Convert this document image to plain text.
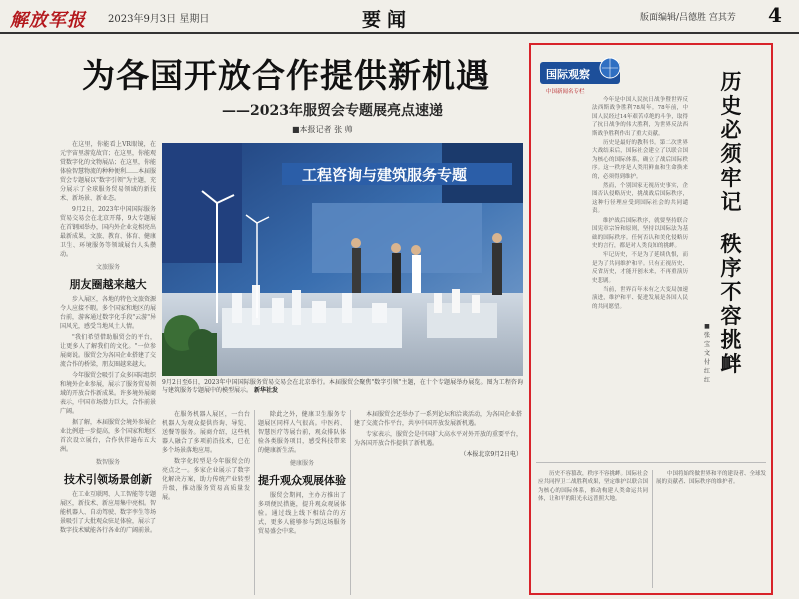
解放军报 2023年9月3日 星期日	要闻	版面编辑/吕德胜 宫其芳 4
为各国开放合作提供新机遇
——2023年服贸会专题展亮点速递
■本报记者 张 帅

在这里，你能看上VR眼镜，在元宇宙里游览故宫；在这里，你能观赏数字化的文物展品；在这里，你能体验智慧物流的种种便利……本届服贸会专题展以"数字引领"为主题，充分展示了全球服务贸易领域的新技术、新场景、新业态。

9月2日，2023年中国国际服务贸易交易会在北京开幕，9大专题展在首钢园举办，国内外企业竞相亮出最新成果，文旅、教育、体育、健康卫生、环境服务等领域展台人头攒动。

文旅服务
朋友圈越来越大

步入展区，各地的特色文旅资源令人应接不暇。多个国家和地区的展台前，游客通过数字化手段"云游"异国风光，感受当地风土人情。

"我们希望借助服贸会的平台，让更多人了解我们的文化。"一位参展商说。服贸会为各国企业搭建了交流合作的桥梁，朋友圈越来越大。

今年服贸会吸引了众多国际组织和境外企业参展，展示了服务贸易领域的开放合作新成果。许多境外展商表示，中国市场潜力巨大，合作前景广阔。

据了解，本届服贸会境外参展企业比例进一步提高，多个国家和地区首次设立展台，合作伙伴遍布五大洲。

数智服务
技术引领场景创新

在工业互联网、人工智能等专题展区，新技术、新应用集中亮相。智能机器人、自动驾驶、数字孪生等场景吸引了大批观众驻足体验，展示了数字技术赋能各行各业的广阔前景。

工程咨询与建筑服务专题
9月2日至6日，2023年中国国际服务贸易交易会在北京举行。本届服贸会聚焦"数字引领"主题，在十个专题展举办展览。图为工程咨询与建筑服务专题展中的模型展示。 新华社发

在服务机器人展区，一台台机器人为观众提供咨询、导览、送餐等服务。展商介绍，这些机器人融合了多项前沿技术，已在多个场景落地应用。

数字化转型是今年服贸会的亮点之一。多家企业展示了数字化解决方案，助力传统产业转型升级，推动服务贸易高质量发展。

除此之外，健康卫生服务专题展区同样人气很高。中医药、智慧医疗等展台前，观众排队体验各类服务项目，感受科技带来的健康新生活。

健康服务
提升观众观展体验

服贸会期间，主办方推出了多项便民措施，提升观众观展体验。通过线上线下相结合的方式，更多人能够参与到这场服务贸易盛会中来。

本届服贸会还举办了一系列论坛和洽谈活动，为各国企业搭建了交流合作平台，共享中国开放发展新机遇。

专家表示，服贸会是中国扩大高水平对外开放的重要平台，为各国开放合作提供了新机遇。

（本报北京9月2日电）

国际观察
中国新闻名专栏	历史必须牢记
秩序不容挑衅
■张宝文 付红红

今年是中国人民抗日战争暨世界反法西斯战争胜利78周年。78年前，中国人民经过14年艰苦卓绝的斗争，取得了抗日战争的伟大胜利，为世界反法西斯战争胜利作出了重大贡献。

历史是最好的教科书。第二次世界大战结束后，国际社会建立了以联合国为核心的国际体系，确立了战后国际秩序。这一秩序是人类用鲜血和生命换来的，必须得到维护。

然而，个别国家无视历史事实，企图否认侵略历史，挑战战后国际秩序，这种行径理应受到国际社会的共同谴责。

维护战后国际秩序，就要坚持联合国宪章宗旨和原则，坚持以国际法为基础的国际秩序。任何否认和美化侵略历史的言行，都是对人类良知的挑衅。

牢记历史，不是为了延续仇恨，而是为了共同维护和平。只有正视历史、反省历史，才能开创未来，不再重演历史悲剧。

当前，世界百年未有之大变局加速演进，维护和平、促进发展是各国人民的共同愿望。

历史不容篡改，秩序不容挑衅。国际社会应共同捍卫二战胜利成果，坚定维护以联合国为核心的国际体系，推动构建人类命运共同体，让和平的阳光永远普照大地。

中国将始终做世界和平的建设者、全球发展的贡献者、国际秩序的维护者。
